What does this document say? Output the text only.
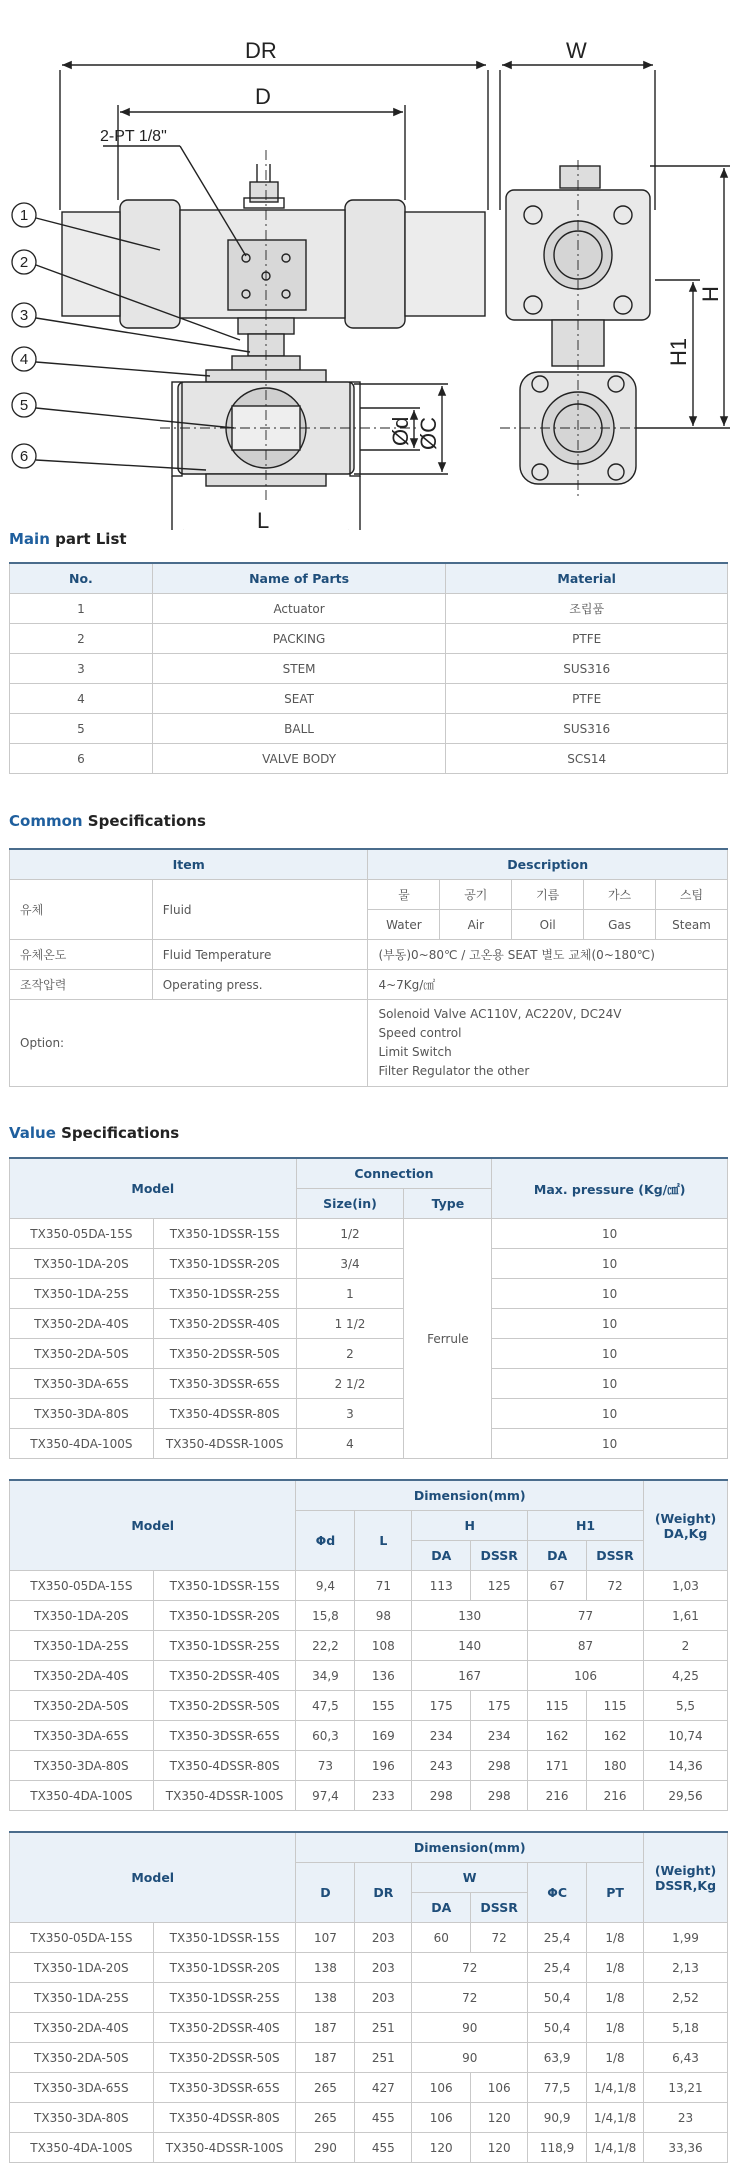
DR
D
2-PT 1/8"
W
H
H1
Ød ØC
L
1
2
3
4
5
6
Main part List
No.	Name of Parts	Material
1	Actuator	조립품
2	PACKING	PTFE
3	STEM	SUS316
4	SEAT	PTFE
5	BALL	SUS316
6	VALVE BODY	SCS14
Common Specifications
Item		Description				
유체	Fluid	물	공기	기름	가스	스팀
		Water	Air	Oil	Gas	Steam
유체온도	Fluid Temperature	(부동)0~80℃ / 고온용 SEAT 별도 교체(0~180℃)				
조작압력	Operating press.	4~7Kg/㎠				
Option:		Solenoid Valve AC110V, AC220V, DC24V
Speed control
Limit Switch
Filter Regulator the other				
Value Specifications
Model		Connection		Max. pressure (Kg/㎠)
		Size(in)	Type	
TX350-05DA-15S	TX350-1DSSR-15S	1/2	Ferrule	10
TX350-1DA-20S	TX350-1DSSR-20S	3/4		10
TX350-1DA-25S	TX350-1DSSR-25S	1		10
TX350-2DA-40S	TX350-2DSSR-40S	1 1/2		10
TX350-2DA-50S	TX350-2DSSR-50S	2		10
TX350-3DA-65S	TX350-3DSSR-65S	2 1/2		10
TX350-3DA-80S	TX350-4DSSR-80S	3		10
TX350-4DA-100S	TX350-4DSSR-100S	4		10
Model		Dimension(mm)						(Weight)
DA,Kg

		Φd	L	H		H1		
				DA	DSSR	DA	DSSR	
TX350-05DA-15S	TX350-1DSSR-15S	9,4	71	113	125	67	72	1,03
TX350-1DA-20S	TX350-1DSSR-20S	15,8	98	130		77		1,61
TX350-1DA-25S	TX350-1DSSR-25S	22,2	108	140		87		2
TX350-2DA-40S	TX350-2DSSR-40S	34,9	136	167		106		4,25
TX350-2DA-50S	TX350-2DSSR-50S	47,5	155	175	175	115	115	5,5
TX350-3DA-65S	TX350-3DSSR-65S	60,3	169	234	234	162	162	10,74
TX350-3DA-80S	TX350-4DSSR-80S	73	196	243	298	171	180	14,36
TX350-4DA-100S	TX350-4DSSR-100S	97,4	233	298	298	216	216	29,56
Model		Dimension(mm)						(Weight)
DSSR,Kg

		D	DR	W		ΦC	PT	
				DA	DSSR			
TX350-05DA-15S	TX350-1DSSR-15S	107	203	60	72	25,4	1/8	1,99
TX350-1DA-20S	TX350-1DSSR-20S	138	203	72		25,4	1/8	2,13
TX350-1DA-25S	TX350-1DSSR-25S	138	203	72		50,4	1/8	2,52
TX350-2DA-40S	TX350-2DSSR-40S	187	251	90		50,4	1/8	5,18
TX350-2DA-50S	TX350-2DSSR-50S	187	251	90		63,9	1/8	6,43
TX350-3DA-65S	TX350-3DSSR-65S	265	427	106	106	77,5	1/4,1/8	13,21
TX350-3DA-80S	TX350-4DSSR-80S	265	455	106	120	90,9	1/4,1/8	23
TX350-4DA-100S	TX350-4DSSR-100S	290	455	120	120	118,9	1/4,1/8	33,36
